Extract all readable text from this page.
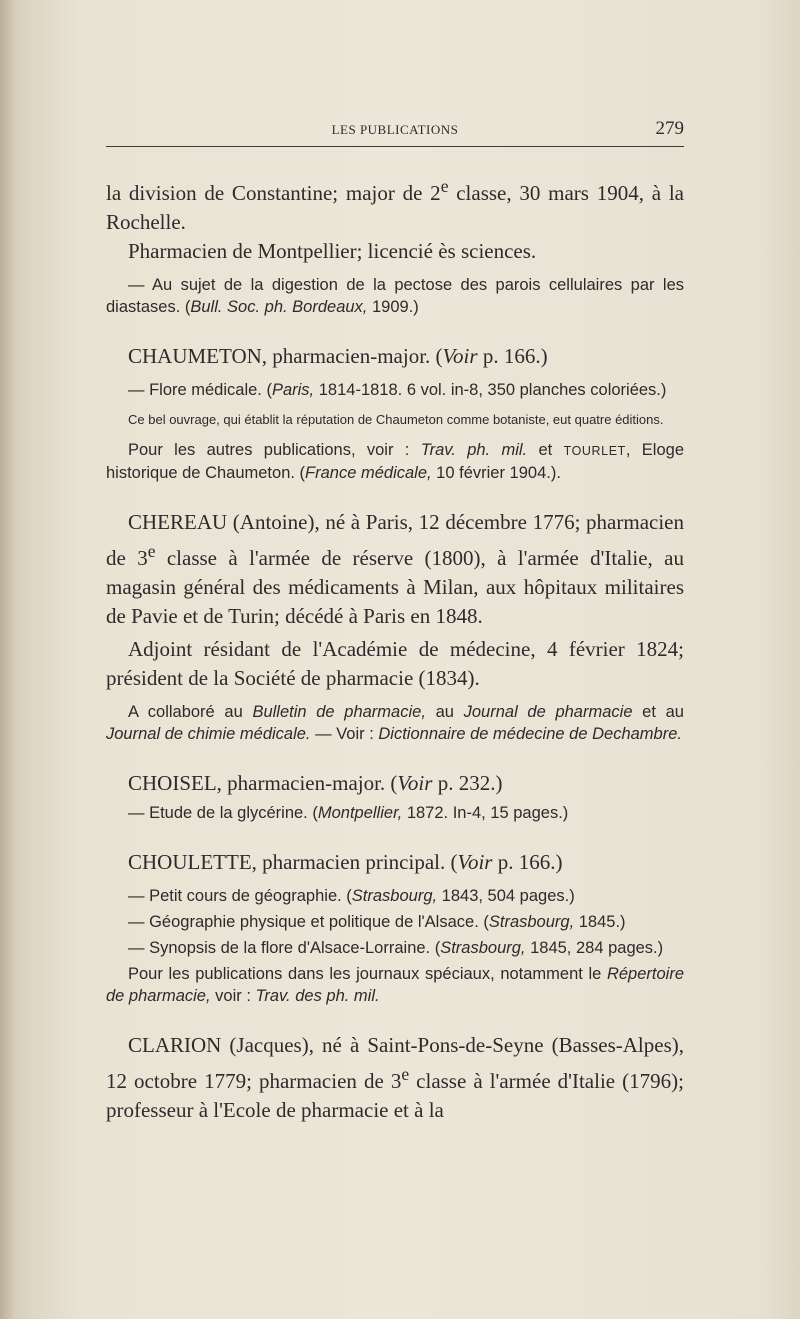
LES PUBLICATIONS	279

la division de Constantine; major de 2e classe, 30 mars 1904, à la Rochelle.

Pharmacien de Montpellier; licencié ès sciences.

— Au sujet de la digestion de la pectose des parois cellulaires par les diastases. (Bull. Soc. ph. Bordeaux, 1909.)

CHAUMETON, pharmacien-major. (Voir p. 166.)

— Flore médicale. (Paris, 1814-1818. 6 vol. in-8, 350 planches coloriées.)

Ce bel ouvrage, qui établit la réputation de Chaumeton comme botaniste, eut quatre éditions.

Pour les autres publications, voir : Trav. ph. mil. et TOURLET, Eloge historique de Chaumeton. (France médicale, 10 février 1904.).

CHEREAU (Antoine), né à Paris, 12 décembre 1776; pharmacien de 3e classe à l'armée de réserve (1800), à l'armée d'Italie, au magasin général des médicaments à Milan, aux hôpitaux militaires de Pavie et de Turin; décédé à Paris en 1848.

Adjoint résidant de l'Académie de médecine, 4 février 1824; président de la Société de pharmacie (1834).

A collaboré au Bulletin de pharmacie, au Journal de pharmacie et au Journal de chimie médicale. — Voir : Dictionnaire de médecine de Dechambre.

CHOISEL, pharmacien-major. (Voir p. 232.)

— Etude de la glycérine. (Montpellier, 1872. In-4, 15 pages.)

CHOULETTE, pharmacien principal. (Voir p. 166.)

— Petit cours de géographie. (Strasbourg, 1843, 504 pages.)

— Géographie physique et politique de l'Alsace. (Strasbourg, 1845.)

— Synopsis de la flore d'Alsace-Lorraine. (Strasbourg, 1845, 284 pages.)

Pour les publications dans les journaux spéciaux, notamment le Répertoire de pharmacie, voir : Trav. des ph. mil.

CLARION (Jacques), né à Saint-Pons-de-Seyne (Basses-Alpes), 12 octobre 1779; pharmacien de 3e classe à l'armée d'Italie (1796); professeur à l'Ecole de pharmacie et à la
